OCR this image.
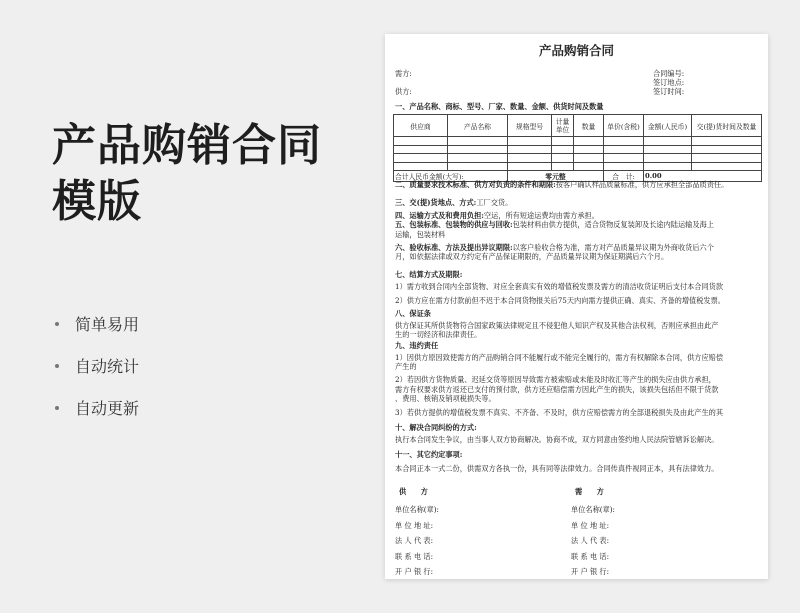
产品购销合同模版
简单易用
自动统计
自动更新
产品购销合同
需方:
供方:
合同编号:
签订地点:
签订时间:
一、产品名称、商标、型号、厂家、数量、金额、供货时间及数量
供应商	产品名称	规格型号	计量单位	数量	单价(含税)	金额(人民币)	交(提)货时间及数量

合计人民币金额(大写):		零元整			合　计:	0.00	
二、质量要求技术标准、供方对负责的条件和期限:按客户确认样品质量标准，供方应承担全部品质责任。
三、交(提)货地点、方式:工厂交货。
四、运输方式及和费用负担:空运，所有短途运费均由需方承担。
五、包装标准、包装物的供应与回收:包装材料由供方提供，适合货物反复装卸及长途内陆运输及海上
运输，包装材料
六、验收标准、方法及提出异议期限:以客户验收合格为准，需方对产品质量异议期为外商收货后六个
月，如依据法律或双方约定有产品保证期限的，产品质量异议期为保证期满后六个月。
七、结算方式及期限:
1）需方收到合同内全部货物、对应全套真实有效的增值税发票及需方的清洁收货证明后支付本合同货款
2）供方应在需方付款前但不迟于本合同货物报关后75天内向需方提供正确、真实、齐备的增值税发票。
八、保证条
供方保证其所供货物符合国家政策法律规定且不侵犯他人知识产权及其他合法权利，否则应承担由此产
生的一切经济和法律责任。
九、违约责任
1）因供方原因致使需方的产品购销合同不能履行或不能完全履行的，需方有权解除本合同，供方应赔偿
产生的
2）若因供方货物质量、迟延交货等原因导致需方被索赔或未能及时收汇等产生的损失应由供方承担，
需方有权要求供方返还已支付的预付款，供方还应赔偿需方因此产生的损失，该损失包括但不限于货款
、费用、核销及销项税损失等。
3）若供方提供的增值税发票不真实、不齐备、不及时，供方应赔偿需方的全部退税损失及由此产生的其
十、解决合同纠纷的方式:
执行本合同发生争议，由当事人双方协商解决。协商不成，双方同意由签约地人民法院管辖诉讼解决。
十一、其它约定事项:
本合同正本一式二份，供需双方各执一份，具有同等法律效力。合同传真件视同正本，具有法律效力。
供　　方	需　　方
单位名称(章):	单位名称(章):
单 位 地 址:	单 位 地 址:
法 人 代 表:	法 人 代 表:
联 系 电 话:	联 系 电 话:
开 户 银 行:	开 户 银 行:
